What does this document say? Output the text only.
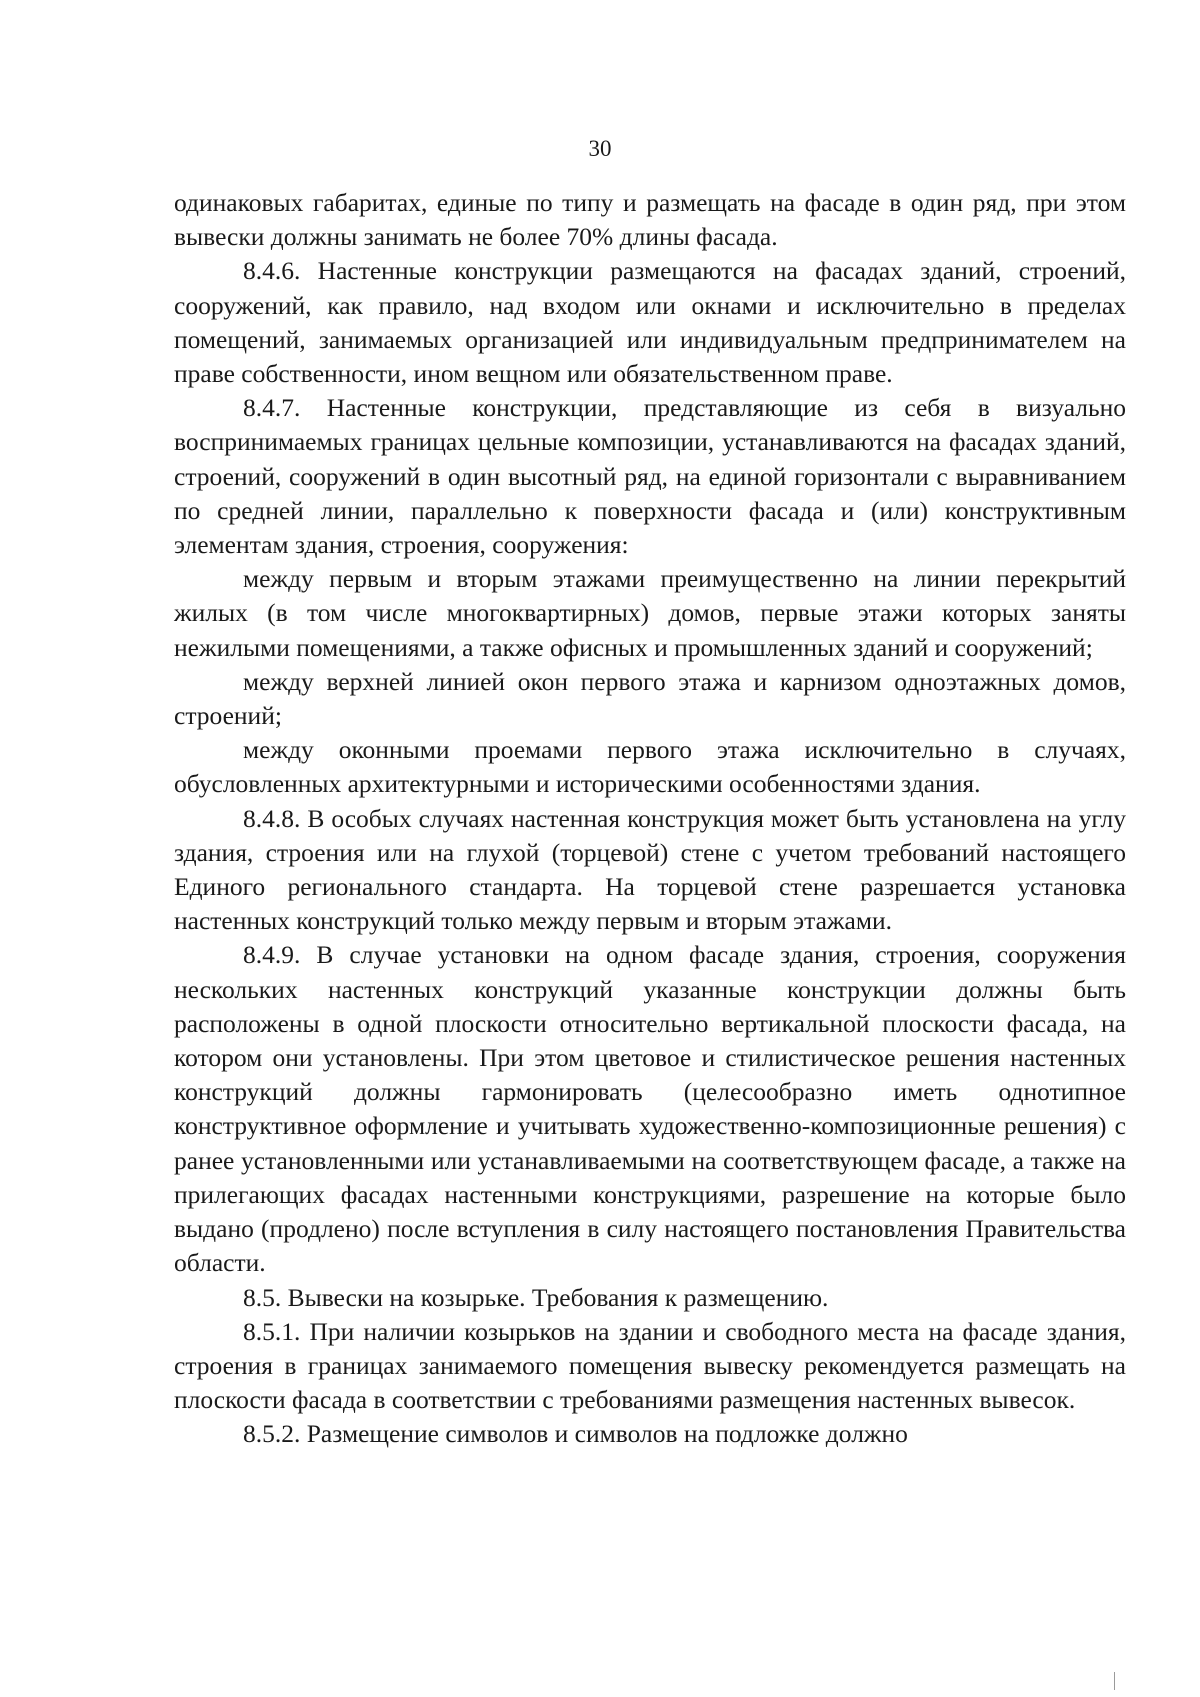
30

одинаковых габаритах, единые по типу и размещать на фасаде в один ряд, при этом вывески должны занимать не более 70% длины фасада.

8.4.6. Настенные конструкции размещаются на фасадах зданий, строений, сооружений, как правило, над входом или окнами и исключительно в пределах помещений, занимаемых организацией или индивидуальным предпринимателем на праве собственности, ином вещном или обязательственном праве.

8.4.7. Настенные конструкции, представляющие из себя в визуально воспринимаемых границах цельные композиции, устанавливаются на фасадах зданий, строений, сооружений в один высотный ряд, на единой горизонтали с выравниванием по средней линии, параллельно к поверхности фасада и (или) конструктивным элементам здания, строения, сооружения:

между первым и вторым этажами преимущественно на линии перекрытий жилых (в том числе многоквартирных) домов, первые этажи которых заняты нежилыми помещениями, а также офисных и промышленных зданий и сооружений;

между верхней линией окон первого этажа и карнизом одноэтажных домов, строений;

между оконными проемами первого этажа исключительно в случаях, обусловленных архитектурными и историческими особенностями здания.

8.4.8. В особых случаях настенная конструкция может быть установлена на углу здания, строения или на глухой (торцевой) стене с учетом требований настоящего Единого регионального стандарта. На торцевой стене разрешается установка настенных конструкций только между первым и вторым этажами.

8.4.9. В случае установки на одном фасаде здания, строения, сооружения нескольких настенных конструкций указанные конструкции должны быть расположены в одной плоскости относительно вертикальной плоскости фасада, на котором они установлены. При этом цветовое и стилистическое решения настенных конструкций должны гармонировать (целесообразно иметь однотипное конструктивное оформление и учитывать художественно-композиционные решения) с ранее установленными или устанавливаемыми на соответствующем фасаде, а также на прилегающих фасадах настенными конструкциями, разрешение на которые было выдано (продлено) после вступления в силу настоящего постановления Правительства области.

8.5. Вывески на козырьке. Требования к размещению.

8.5.1. При наличии козырьков на здании и свободного места на фасаде здания, строения в границах занимаемого помещения вывеску рекомендуется размещать на плоскости фасада в соответствии с требованиями размещения настенных вывесок.

8.5.2. Размещение символов и символов на подложке должно
